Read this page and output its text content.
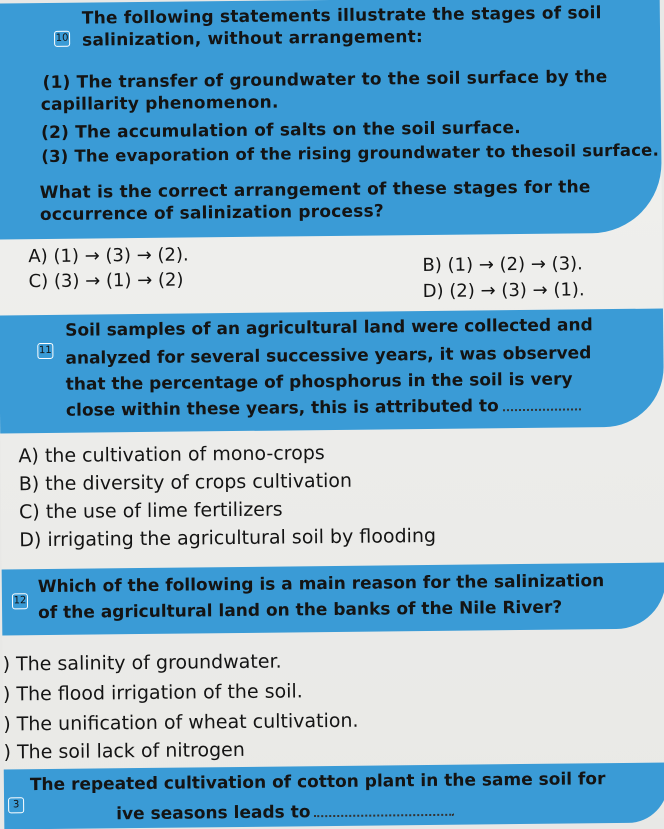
10
The following statements illustrate the stages of soil
salinization, without arrangement:
(1) The transfer of groundwater to the soil surface by the
capillarity phenomenon.
(2) The accumulation of salts on the soil surface.
(3) The evaporation of the rising groundwater to thesoil surface.
What is the correct arrangement of these stages for the
occurrence of salinization process?
A) (1) → (3) → (2).	B) (1) → (2) → (3).
C) (3) → (1) → (2)	D) (2) → (3) → (1).
11
Soil samples of an agricultural land were collected and
analyzed for several successive years, it was observed
that the percentage of phosphorus in the soil is very
close within these years, this is attributed to
A) the cultivation of mono-crops
B) the diversity of crops cultivation
C) the use of lime fertilizers
D) irrigating the agricultural soil by flooding
12
Which of the following is a main reason for the salinization
of the agricultural land on the banks of the Nile River?
) The salinity of groundwater.
) The flood irrigation of the soil.
) The unification of wheat cultivation.
) The soil lack of nitrogen
3
The repeated cultivation of cotton plant in the same soil for
ive seasons leads to
